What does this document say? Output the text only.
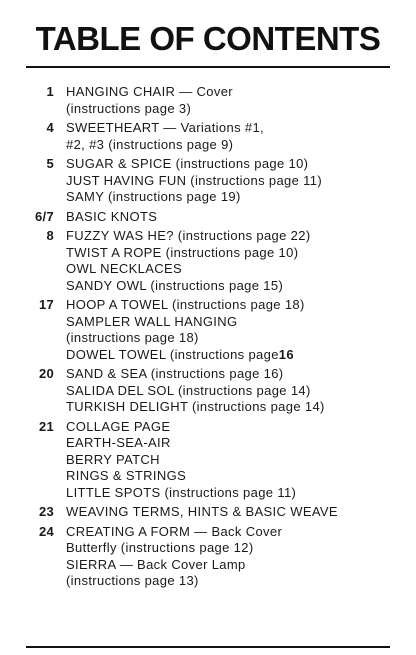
TABLE OF CONTENTS
1 HANGING CHAIR — Cover
(instructions page 3)
4 SWEETHEART — Variations #1,
#2, #3 (instructions page 9)
5 SUGAR & SPICE (instructions page 10)
JUST HAVING FUN (instructions page 11)
SAMY (instructions page 19)
6/7 BASIC KNOTS
8 FUZZY WAS HE? (instructions page 22)
TWIST A ROPE (instructions page 10)
OWL NECKLACES
SANDY OWL (instructions page 15)
17 HOOP A TOWEL (instructions page 18)
SAMPLER WALL HANGING
(instructions page 18)
DOWEL TOWEL (instructions page16
20 SAND & SEA (instructions page 16)
SALIDA DEL SOL (instructions page 14)
TURKISH DELIGHT (instructions page 14)
21 COLLAGE PAGE
EARTH-SEA-AIR
BERRY PATCH
RINGS & STRINGS
LITTLE SPOTS (instructions page 11)
23 WEAVING TERMS, HINTS & BASIC WEAVE
24 CREATING A FORM — Back Cover
Butterfly (instructions page 12)
SIERRA — Back Cover Lamp
(instructions page 13)
